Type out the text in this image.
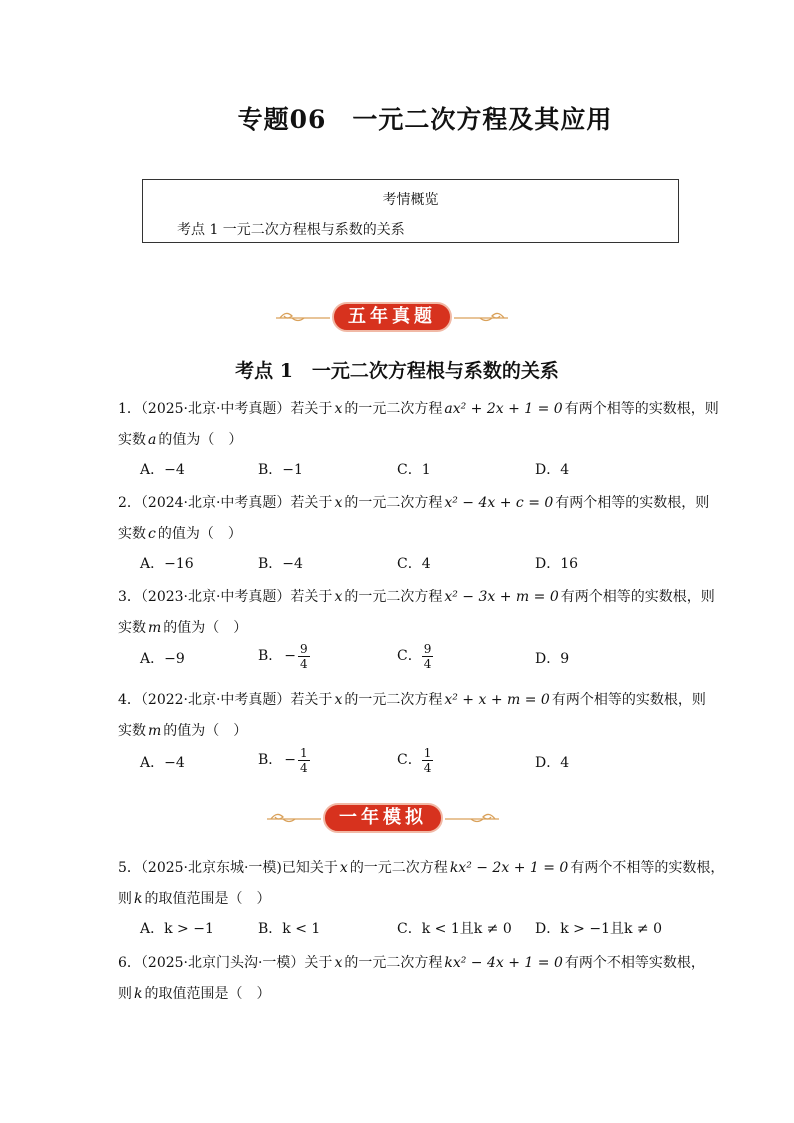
专题06　一元二次方程及其应用
考情概览
考点 1 一元二次方程根与系数的关系
五年真题
考点 1　一元二次方程根与系数的关系
1．（2025·北京·中考真题）若关于 x 的一元二次方程 ax² + 2x + 1 = 0 有两个相等的实数根，则
实数 a 的值为（　）
A．−4	B．−1	C．1	D．4
2．（2024·北京·中考真题）若关于 x 的一元二次方程 x² − 4x + c = 0 有两个相等的实数根，则
实数 c 的值为（　）
A．−16	B．−4	C．4	D．16
3．（2023·北京·中考真题）若关于 x 的一元二次方程 x² − 3x + m = 0 有两个相等的实数根，则
实数 m 的值为（　）
A．−9	B． − $\frac{9}{4}$	C． $\frac{9}{4}$	D．9
4．（2022·北京·中考真题）若关于 x 的一元二次方程 x² + x + m = 0 有两个相等的实数根，则
实数 m 的值为（　）
A．−4	B． − $\frac{1}{4}$	C． $\frac{1}{4}$	D．4
5．（2025·北京东城·一模)已知关于 x 的一元二次方程 kx² − 2x + 1 = 0 有两个不相等的实数根，
则 k 的取值范围是（　）
A．k > −1	B．k < 1	C．k < 1且k ≠ 0 D．k > −1且k ≠ 0
6．（2025·北京门头沟·一模）关于 x 的一元二次方程 kx² − 4x + 1 = 0 有两个不相等实数根，
则 k 的取值范围是（　）
一年模拟
